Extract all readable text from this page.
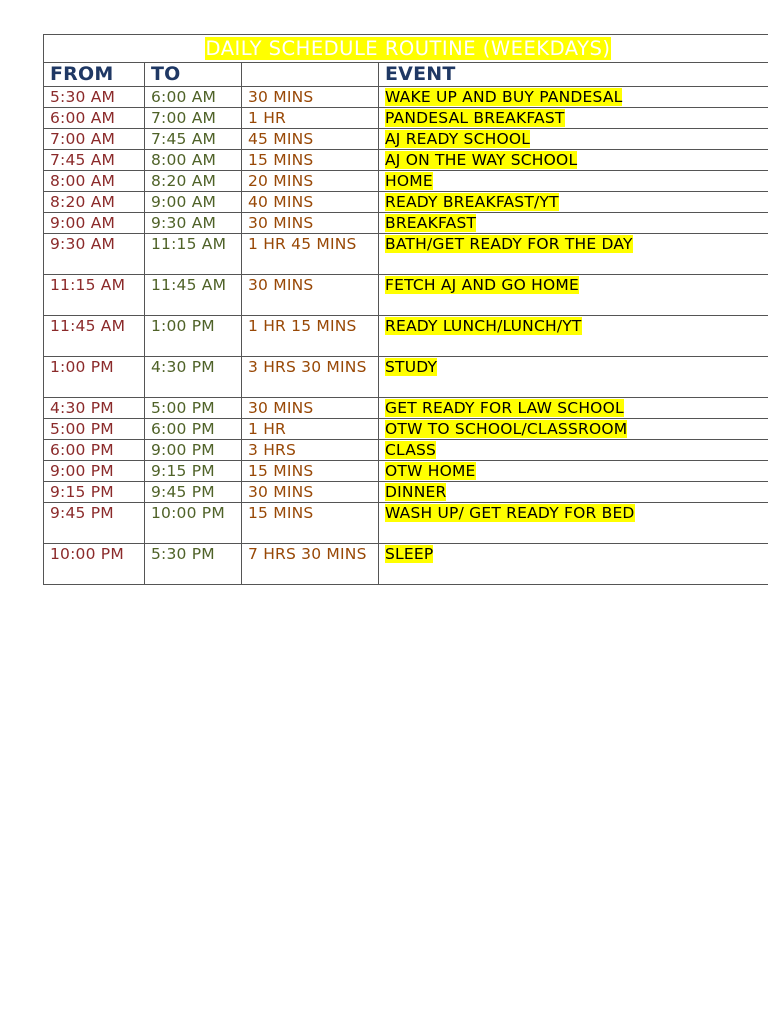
DAILY SCHEDULE ROUTINE (WEEKDAYS)			
FROM	TO		EVENT
5:30 AM	6:00 AM	30 MINS	WAKE UP AND BUY PANDESAL
6:00 AM	7:00 AM	1 HR	PANDESAL BREAKFAST
7:00 AM	7:45 AM	45 MINS	AJ READY SCHOOL
7:45 AM	8:00 AM	15 MINS	AJ ON THE WAY SCHOOL
8:00 AM	8:20 AM	20 MINS	HOME
8:20 AM	9:00 AM	40 MINS	READY BREAKFAST/YT
9:00 AM	9:30 AM	30 MINS	BREAKFAST
9:30 AM	11:15 AM	1 HR 45 MINS	BATH/GET READY FOR THE DAY
11:15 AM	11:45 AM	30 MINS	FETCH AJ AND GO HOME
11:45 AM	1:00 PM	1 HR 15 MINS	READY LUNCH/LUNCH/YT
1:00 PM	4:30 PM	3 HRS 30 MINS	STUDY
4:30 PM	5:00 PM	30 MINS	GET READY FOR LAW SCHOOL
5:00 PM	6:00 PM	1 HR	OTW TO SCHOOL/CLASSROOM
6:00 PM	9:00 PM	3 HRS	CLASS
9:00 PM	9:15 PM	15 MINS	OTW HOME
9:15 PM	9:45 PM	30 MINS	DINNER
9:45 PM	10:00 PM	15 MINS	WASH UP/ GET READY FOR BED
10:00 PM	5:30 PM	7 HRS 30 MINS	SLEEP
